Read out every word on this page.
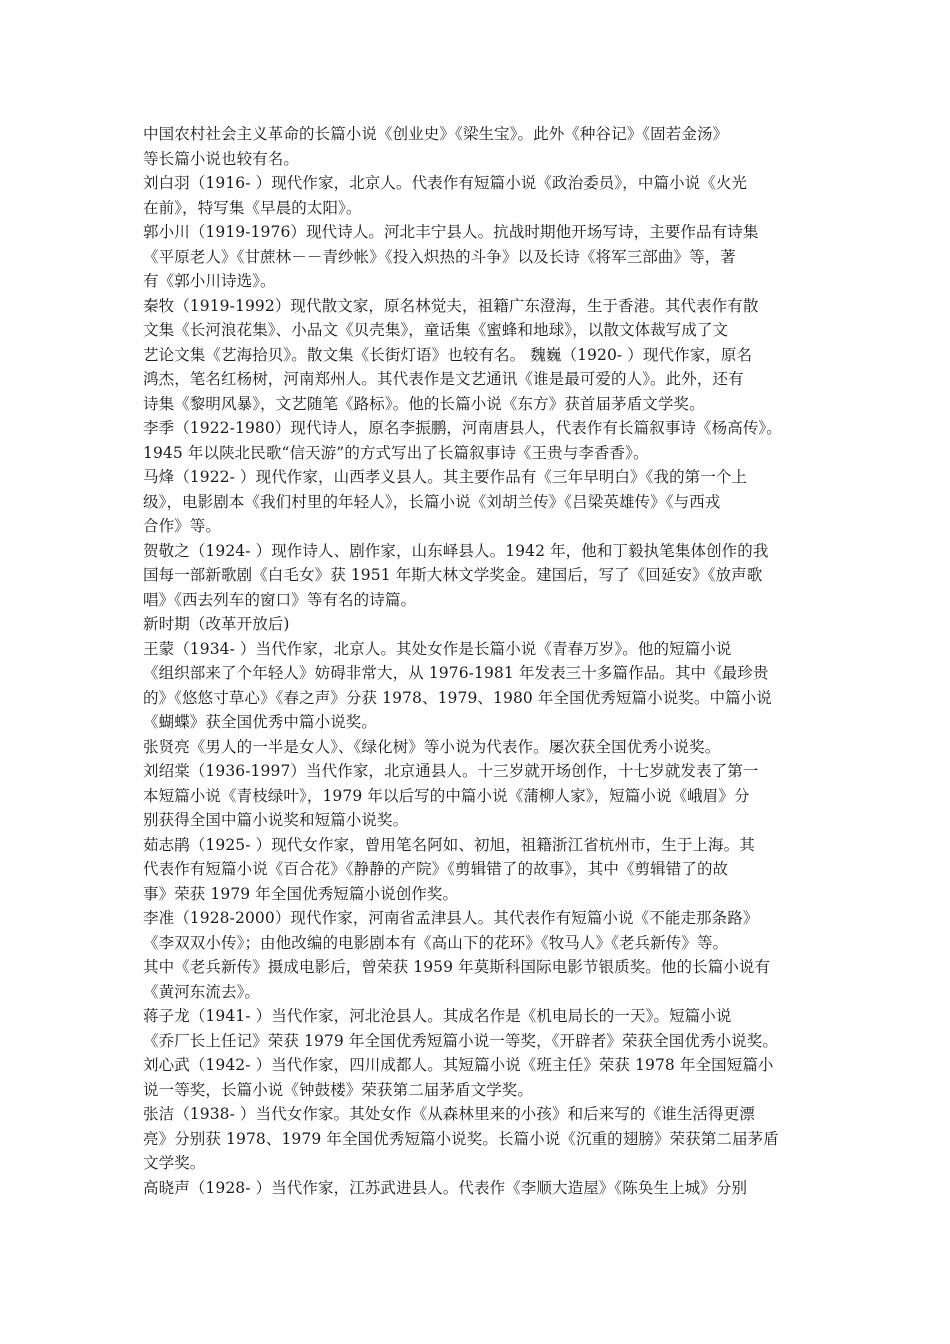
中国农村社会主义革命的长篇小说《创业史》《梁生宝》。此外《种谷记》《固若金汤》
等长篇小说也较有名。
刘白羽（1916- ）现代作家，北京人。代表作有短篇小说《政治委员》，中篇小说《火光
在前》，特写集《早晨的太阳》。
郭小川（1919-1976）现代诗人。河北丰宁县人。抗战时期他开场写诗，主要作品有诗集
《平原老人》《甘蔗林－－青纱帐》《投入炽热的斗争》以及长诗《将军三部曲》等，著
有《郭小川诗选》。
秦牧（1919-1992）现代散文家，原名林觉夫，祖籍广东澄海，生于香港。其代表作有散
文集《长河浪花集》、小品文《贝壳集》，童话集《蜜蜂和地球》，以散文体裁写成了文
艺论文集《艺海拾贝》。散文集《长街灯语》也较有名。 魏巍（1920- ）现代作家，原名
鸿杰，笔名红杨树，河南郑州人。其代表作是文艺通讯《谁是最可爱的人》。此外，还有
诗集《黎明风暴》，文艺随笔《路标》。他的长篇小说《东方》获首届茅盾文学奖。
李季（1922-1980）现代诗人，原名李振鹏，河南唐县人，代表作有长篇叙事诗《杨高传》。
1945 年以陕北民歌“信天游”的方式写出了长篇叙事诗《王贵与李香香》。
马烽（1922- ）现代作家，山西孝义县人。其主要作品有《三年早明白》《我的第一个上
级》，电影剧本《我们村里的年轻人》，长篇小说《刘胡兰传》《吕梁英雄传》《与西戎
合作》等。
贺敬之（1924- ）现作诗人、剧作家，山东峄县人。1942 年，他和丁毅执笔集体创作的我
国每一部新歌剧《白毛女》获 1951 年斯大林文学奖金。建国后，写了《回延安》《放声歌
唱》《西去列车的窗口》等有名的诗篇。
新时期（改革开放后)
王蒙（1934- ）当代作家，北京人。其处女作是长篇小说《青春万岁》。他的短篇小说
《组织部来了个年轻人》妨碍非常大，从 1976-1981 年发表三十多篇作品。其中《最珍贵
的》《悠悠寸草心》《春之声》分获 1978、1979、1980 年全国优秀短篇小说奖。中篇小说
《蝴蝶》获全国优秀中篇小说奖。
张贤亮《男人的一半是女人》、《绿化树》等小说为代表作。屡次获全国优秀小说奖。
刘绍棠（1936-1997）当代作家，北京通县人。十三岁就开场创作，十七岁就发表了第一
本短篇小说《青枝绿叶》，1979 年以后写的中篇小说《蒲柳人家》，短篇小说《峨眉》分
别获得全国中篇小说奖和短篇小说奖。
茹志鹃（1925- ）现代女作家，曾用笔名阿如、初旭，祖籍浙江省杭州市，生于上海。其
代表作有短篇小说《百合花》《静静的产院》《剪辑错了的故事》，其中《剪辑错了的故
事》荣获 1979 年全国优秀短篇小说创作奖。
李准（1928-2000）现代作家，河南省孟津县人。其代表作有短篇小说《不能走那条路》
《李双双小传》；由他改编的电影剧本有《高山下的花环》《牧马人》《老兵新传》等。
其中《老兵新传》摄成电影后，曾荣获 1959 年莫斯科国际电影节银质奖。他的长篇小说有
《黄河东流去》。
蒋子龙（1941- ）当代作家，河北沧县人。其成名作是《机电局长的一天》。短篇小说
《乔厂长上任记》荣获 1979 年全国优秀短篇小说一等奖，《开辟者》荣获全国优秀小说奖。
刘心武（1942- ）当代作家，四川成都人。其短篇小说《班主任》荣获 1978 年全国短篇小
说一等奖，长篇小说《钟鼓楼》荣获第二届茅盾文学奖。
张洁（1938- ）当代女作家。其处女作《从森林里来的小孩》和后来写的《谁生活得更漂
亮》分别获 1978、1979 年全国优秀短篇小说奖。长篇小说《沉重的翅膀》荣获第二届茅盾
文学奖。
高晓声（1928- ）当代作家，江苏武进县人。代表作《李顺大造屋》《陈奂生上城》分别
